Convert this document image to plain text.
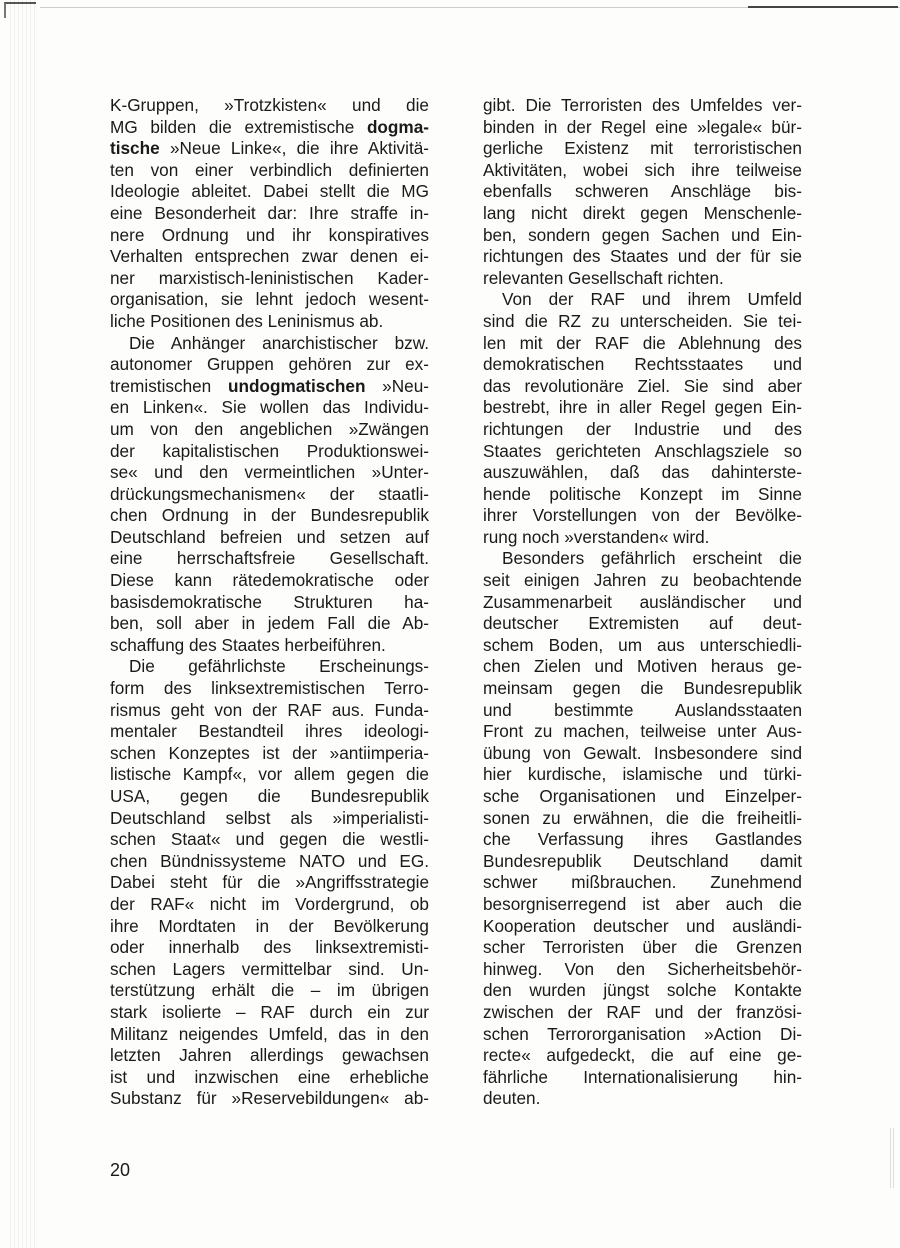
K-Gruppen, »Trotzkisten« und die
MG bilden die extremistische dogma-
tische »Neue Linke«, die ihre Aktivitä-
ten von einer verbindlich definierten
Ideologie ableitet. Dabei stellt die MG
eine Besonderheit dar: Ihre straffe in-
nere Ordnung und ihr konspiratives
Verhalten entsprechen zwar denen ei-
ner marxistisch-leninistischen Kader-
organisation, sie lehnt jedoch wesent-
liche Positionen des Leninismus ab.
Die Anhänger anarchistischer bzw.
autonomer Gruppen gehören zur ex-
tremistischen undogmatischen »Neu-
en Linken«. Sie wollen das Individu-
um von den angeblichen »Zwängen
der kapitalistischen Produktionswei-
se« und den vermeintlichen »Unter-
drückungsmechanismen« der staatli-
chen Ordnung in der Bundesrepublik
Deutschland befreien und setzen auf
eine herrschaftsfreie Gesellschaft.
Diese kann rätedemokratische oder
basisdemokratische Strukturen ha-
ben, soll aber in jedem Fall die Ab-
schaffung des Staates herbeiführen.
Die gefährlichste Erscheinungs-
form des linksextremistischen Terro-
rismus geht von der RAF aus. Funda-
mentaler Bestandteil ihres ideologi-
schen Konzeptes ist der »antiimperia-
listische Kampf«, vor allem gegen die
USA, gegen die Bundesrepublik
Deutschland selbst als »imperialisti-
schen Staat« und gegen die westli-
chen Bündnissysteme NATO und EG.
Dabei steht für die »Angriffsstrategie
der RAF« nicht im Vordergrund, ob
ihre Mordtaten in der Bevölkerung
oder innerhalb des linksextremisti-
schen Lagers vermittelbar sind. Un-
terstützung erhält die – im übrigen
stark isolierte – RAF durch ein zur
Militanz neigendes Umfeld, das in den
letzten Jahren allerdings gewachsen
ist und inzwischen eine erhebliche
Substanz für »Reservebildungen« ab-
gibt. Die Terroristen des Umfeldes ver-
binden in der Regel eine »legale« bür-
gerliche Existenz mit terroristischen
Aktivitäten, wobei sich ihre teilweise
ebenfalls schweren Anschläge bis-
lang nicht direkt gegen Menschenle-
ben, sondern gegen Sachen und Ein-
richtungen des Staates und der für sie
relevanten Gesellschaft richten.
Von der RAF und ihrem Umfeld
sind die RZ zu unterscheiden. Sie tei-
len mit der RAF die Ablehnung des
demokratischen Rechtsstaates und
das revolutionäre Ziel. Sie sind aber
bestrebt, ihre in aller Regel gegen Ein-
richtungen der Industrie und des
Staates gerichteten Anschlagsziele so
auszuwählen, daß das dahinterste-
hende politische Konzept im Sinne
ihrer Vorstellungen von der Bevölke-
rung noch »verstanden« wird.
Besonders gefährlich erscheint die
seit einigen Jahren zu beobachtende
Zusammenarbeit ausländischer und
deutscher Extremisten auf deut-
schem Boden, um aus unterschiedli-
chen Zielen und Motiven heraus ge-
meinsam gegen die Bundesrepublik
und bestimmte Auslandsstaaten
Front zu machen, teilweise unter Aus-
übung von Gewalt. Insbesondere sind
hier kurdische, islamische und türki-
sche Organisationen und Einzelper-
sonen zu erwähnen, die die freiheitli-
che Verfassung ihres Gastlandes
Bundesrepublik Deutschland damit
schwer mißbrauchen. Zunehmend
besorgniserregend ist aber auch die
Kooperation deutscher und ausländi-
scher Terroristen über die Grenzen
hinweg. Von den Sicherheitsbehör-
den wurden jüngst solche Kontakte
zwischen der RAF und der französi-
schen Terrororganisation »Action Di-
recte« aufgedeckt, die auf eine ge-
fährliche Internationalisierung hin-
deuten.
20
